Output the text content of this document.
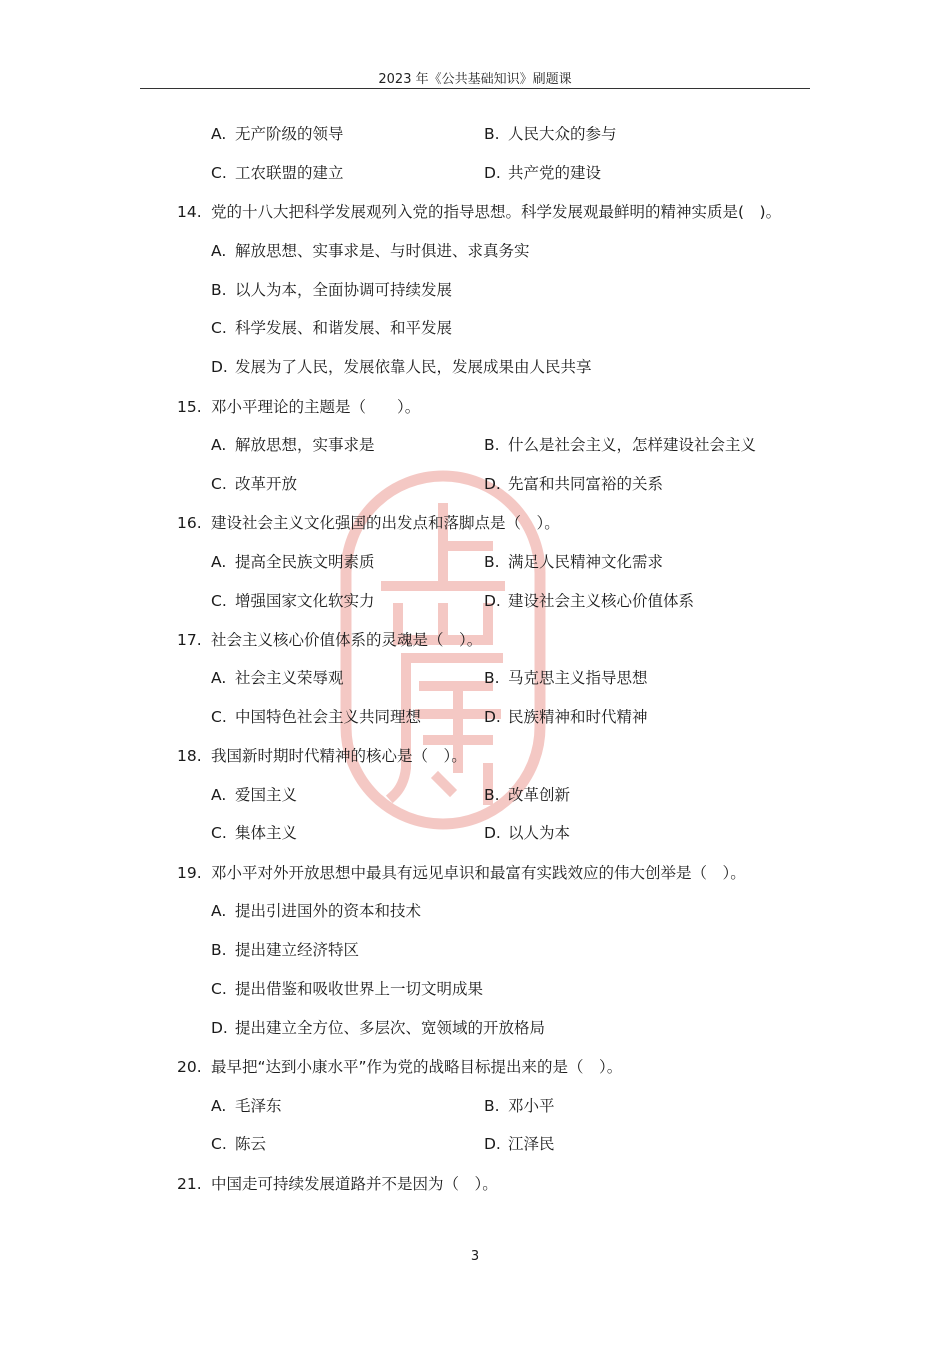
2023 年《公共基础知识》刷题课
A. 无产阶级的领导	B. 人民大众的参与
C. 工农联盟的建立	D. 共产党的建设
14. 党的十八大把科学发展观列入党的指导思想。科学发展观最鲜明的精神实质是(　)。
A. 解放思想、实事求是、与时俱进、求真务实
B. 以人为本，全面协调可持续发展
C. 科学发展、和谐发展、和平发展
D. 发展为了人民，发展依靠人民，发展成果由人民共享
15. 邓小平理论的主题是（　　）。
A. 解放思想，实事求是	B. 什么是社会主义，怎样建设社会主义
C. 改革开放	D. 先富和共同富裕的关系
16. 建设社会主义文化强国的出发点和落脚点是（　）。
A. 提高全民族文明素质	B. 满足人民精神文化需求
C. 增强国家文化软实力	D. 建设社会主义核心价值体系
17. 社会主义核心价值体系的灵魂是（　）。
A. 社会主义荣辱观	B. 马克思主义指导思想
C. 中国特色社会主义共同理想	D. 民族精神和时代精神
18. 我国新时期时代精神的核心是（　）。
A. 爱国主义	B. 改革创新
C. 集体主义	D. 以人为本
19. 邓小平对外开放思想中最具有远见卓识和最富有实践效应的伟大创举是（　）。
A. 提出引进国外的资本和技术
B. 提出建立经济特区
C. 提出借鉴和吸收世界上一切文明成果
D. 提出建立全方位、多层次、宽领域的开放格局
20. 最早把“达到小康水平”作为党的战略目标提出来的是（　）。
A. 毛泽东	B. 邓小平
C. 陈云	D. 江泽民
21. 中国走可持续发展道路并不是因为（　）。
3
